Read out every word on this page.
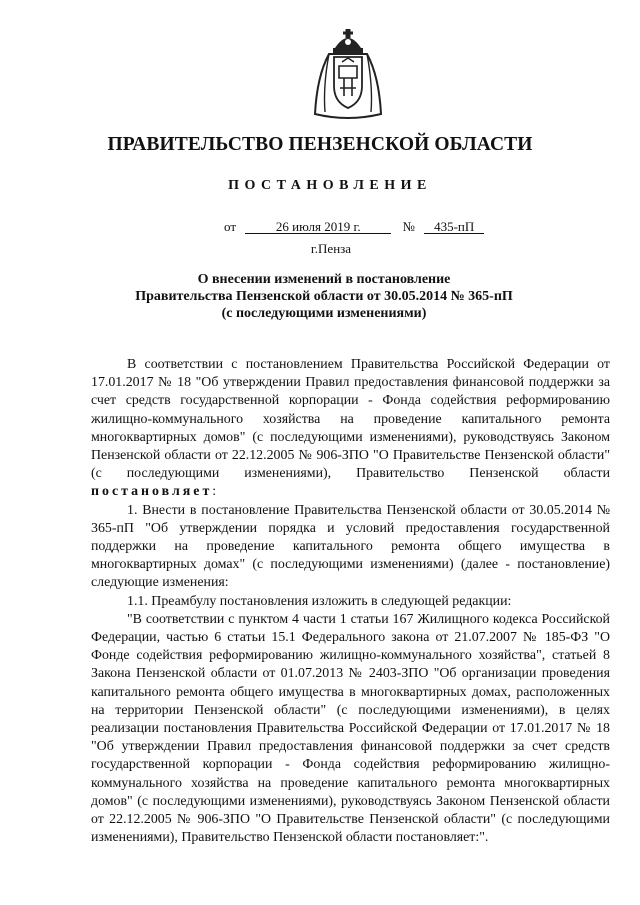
ПРАВИТЕЛЬСТВО ПЕНЗЕНСКОЙ ОБЛАСТИ
ПОСТАНОВЛЕНИЕ
от	26 июля 2019 г.	№ 435-пП
г.Пенза
О внесении изменений в постановление
Правительства Пензенской области от 30.05.2014 № 365-пП
(с последующими изменениями)

В соответствии с постановлением Правительства Российской Федерации от 17.01.2017 № 18 "Об утверждении Правил предоставления финансовой поддержки за счет средств государственной корпорации - Фонда содействия реформированию жилищно-коммунального хозяйства на проведение капитального ремонта многоквартирных домов" (с последующими изменениями), руководствуясь Законом Пензенской области от 22.12.2005 № 906-ЗПО "О Правительстве Пензенской области" (с последующими изменениями), Правительство Пензенской области постановляет:

1. Внести в постановление Правительства Пензенской области от 30.05.2014 № 365-пП "Об утверждении порядка и условий предоставления государственной поддержки на проведение капитального ремонта общего имущества в многоквартирных домах" (с последующими изменениями) (далее - постановление) следующие изменения:

1.1. Преамбулу постановления изложить в следующей редакции:

"В соответствии с пунктом 4 части 1 статьи 167 Жилищного кодекса Российской Федерации, частью 6 статьи 15.1 Федерального закона от 21.07.2007 № 185-ФЗ "О Фонде содействия реформированию жилищно-коммунального хозяйства", статьей 8 Закона Пензенской области от 01.07.2013 № 2403-ЗПО "Об организации проведения капитального ремонта общего имущества в многоквартирных домах, расположенных на территории Пензенской области" (с последующими изменениями), в целях реализации постановления Правительства Российской Федерации от 17.01.2017 № 18 "Об утверждении Правил предоставления финансовой поддержки за счет средств государственной корпорации - Фонда содействия реформированию жилищно-коммунального хозяйства на проведение капитального ремонта многоквартирных домов" (с последующими изменениями), руководствуясь Законом Пензенской области от 22.12.2005 № 906-ЗПО "О Правительстве Пензенской области" (с последующими изменениями), Правительство Пензенской области постановляет:".
